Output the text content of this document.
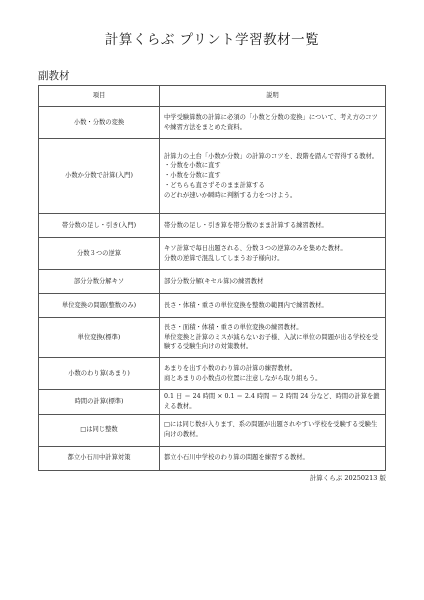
計算くらぶ プリント学習教材一覧
副教材
項目	説明
小数・分数の変換	中学受験算数の計算に必須の「小数と分数の変換」について、考え方のコツや練習方法をまとめた資料。

小数か分数で計算(入門)	計算力の土台「小数か分数」の計算のコツを、段階を踏んで習得する教材。
・分数を小数に直す
・小数を分数に直す
・どちらも直さずそのまま計算する
のどれが速いか瞬時に判断する力をつけよう。

帯分数の足し・引き(入門)	帯分数の足し・引き算を帯分数のまま計算する練習教材。

分数３つの逆算	キソ計算で毎日出題される、分数３つの逆算のみを集めた教材。
分数の逆算で混乱してしまうお子様向け。

部分分数分解キソ	部分分数分解(キセル算)の練習教材

単位変換の問題(整数のみ)	長さ・体積・重さの単位変換を整数の範囲内で練習教材。

単位変換(標準)	長さ・面積・体積・重さの単位変換の練習教材。
単位変換と計算のミスが減らないお子様、入試に単位の問題が出る学校を受験する受験生向けの対策教材。

小数のわり算(あまり)	あまりを出す小数のわり算の計算の練習教材。
商とあまりの小数点の位置に注意しながら取り組もう。

時間の計算(標準)	0.1 日 ＝ 24 時間 × 0.1 ＝ 2.4 時間 ＝ 2 時間 24 分など、時間の計算を鍛える教材。

□は同じ整数	□には同じ数が入ります、系の問題が出題されやすい学校を受験する受験生向けの教材。

都立小石川中計算対策	都立小石川中学校のわり算の問題を練習する教材。
計算くらぶ 20250213 版
